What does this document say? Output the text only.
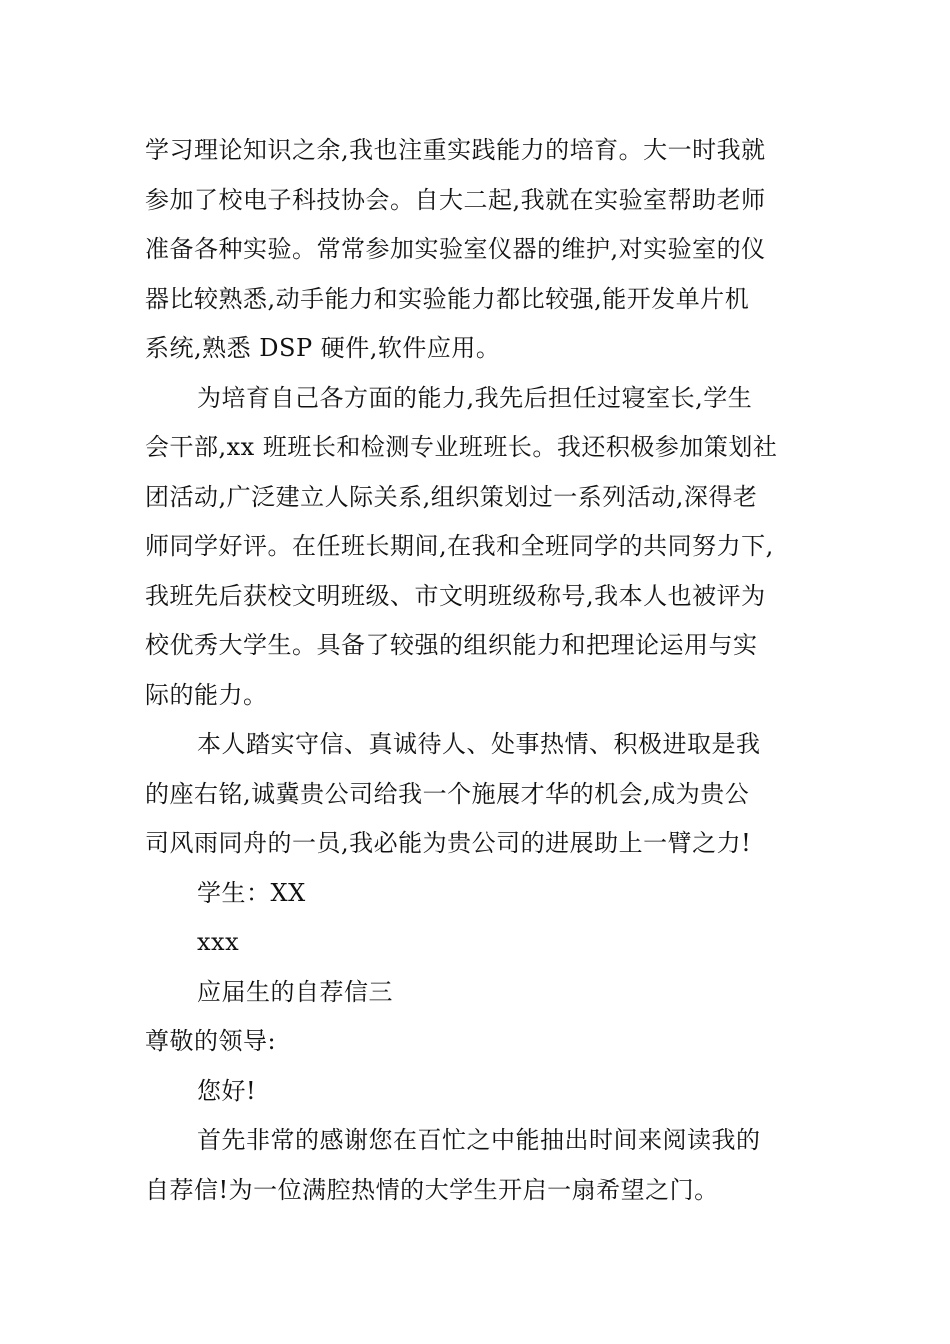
学习理论知识之余,我也注重实践能力的培育。大一时我就
参加了校电子科技协会。自大二起,我就在实验室帮助老师
准备各种实验。常常参加实验室仪器的维护,对实验室的仪
器比较熟悉,动手能力和实验能力都比较强,能开发单片机
系统,熟悉 DSP 硬件,软件应用。
为培育自己各方面的能力,我先后担任过寝室长,学生
会干部,xx 班班长和检测专业班班长。我还积极参加策划社
团活动,广泛建立人际关系,组织策划过一系列活动,深得老
师同学好评。在任班长期间,在我和全班同学的共同努力下,
我班先后获校文明班级、市文明班级称号,我本人也被评为
校优秀大学生。具备了较强的组织能力和把理论运用与实
际的能力。
本人踏实守信、真诚待人、处事热情、积极进取是我
的座右铭,诚冀贵公司给我一个施展才华的机会,成为贵公
司风雨同舟的一员,我必能为贵公司的进展助上一臂之力!
学生：XX
xxx
应届生的自荐信三
尊敬的领导:
您好!
首先非常的感谢您在百忙之中能抽出时间来阅读我的
自荐信!为一位满腔热情的大学生开启一扇希望之门。
